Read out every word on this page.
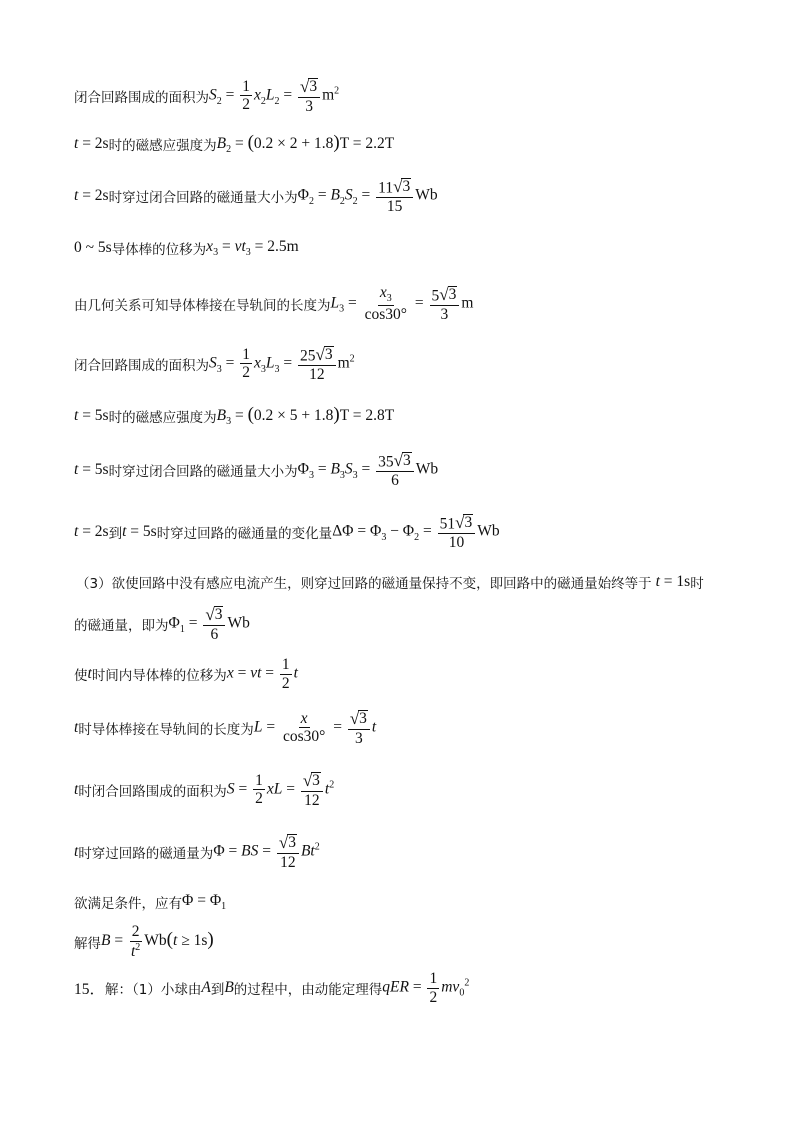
闭合回路围成的面积为 $S_2 = \frac{1}{2} x_2L_2 = \frac{√ 3}{3} m^2$
t = 2s 时的磁感应强度为 $B_2 = (0.2 \times 2 + 1.8)T = 2.2T$
t = 2s 时穿过闭合回路的磁通量大小为 $\Phi_2 = B_2S_2 = \frac{11 √ 3}{15}$ Wb
0 ~ 5s 导体棒的位移为 $x_3 = vt_3 = 2.5m$
由几何关系可知导体棒接在导轨间的长度为 $L_3 = \frac{x_3}{\cos 30^\circ} = \frac{5 √ 3}{3}$ m
闭合回路围成的面积为 $S_3 = \frac{1}{2} x_3L_3 = \frac{25 √ 3}{12} m^2$
t = 5s 时的磁感应强度为 $B_3 = (0.2 \times 5 + 1.8)T = 2.8T$
t = 5s 时穿过闭合回路的磁通量大小为 $\Phi_3 = B_3S_3 = \frac{35 √ 3}{6}$ Wb
t = 2s 到 t = 5s 时穿过回路的磁通量的变化量 $\Delta\Phi = \Phi_3 - \Phi_2 = \frac{51 √ 3}{10}$ Wb
（3）欲使回路中没有感应电流产生，则穿过回路的磁通量保持不变，即回路中的磁通量始终等于 t = 1s 时
的磁通量，即为 $\Phi_1 = \frac{√ 3}{6}$ Wb
使 t 时间内导体棒的位移为 x = vt = $\frac{1}{2}$ t
t 时导体棒接在导轨间的长度为 $L = \frac{x}{\cos 30^\circ} = \frac{√ 3}{3}$ t
t 时闭合回路围成的面积为 $S = \frac{1}{2}$ xL = $\frac{√ 3}{12} t^2$
t 时穿过回路的磁通量为 Φ = BS = $\frac{√ 3}{12} Bt^2$
欲满足条件，应有 $\Phi = \Phi_1$
解得 $B = \frac{2}{t^2} Wb(t \ge 1s)$
15． 解：（1）小球由 A 到 B 的过程中，由动能定理得 qER = $\frac{1}{2} mv_0^2$
